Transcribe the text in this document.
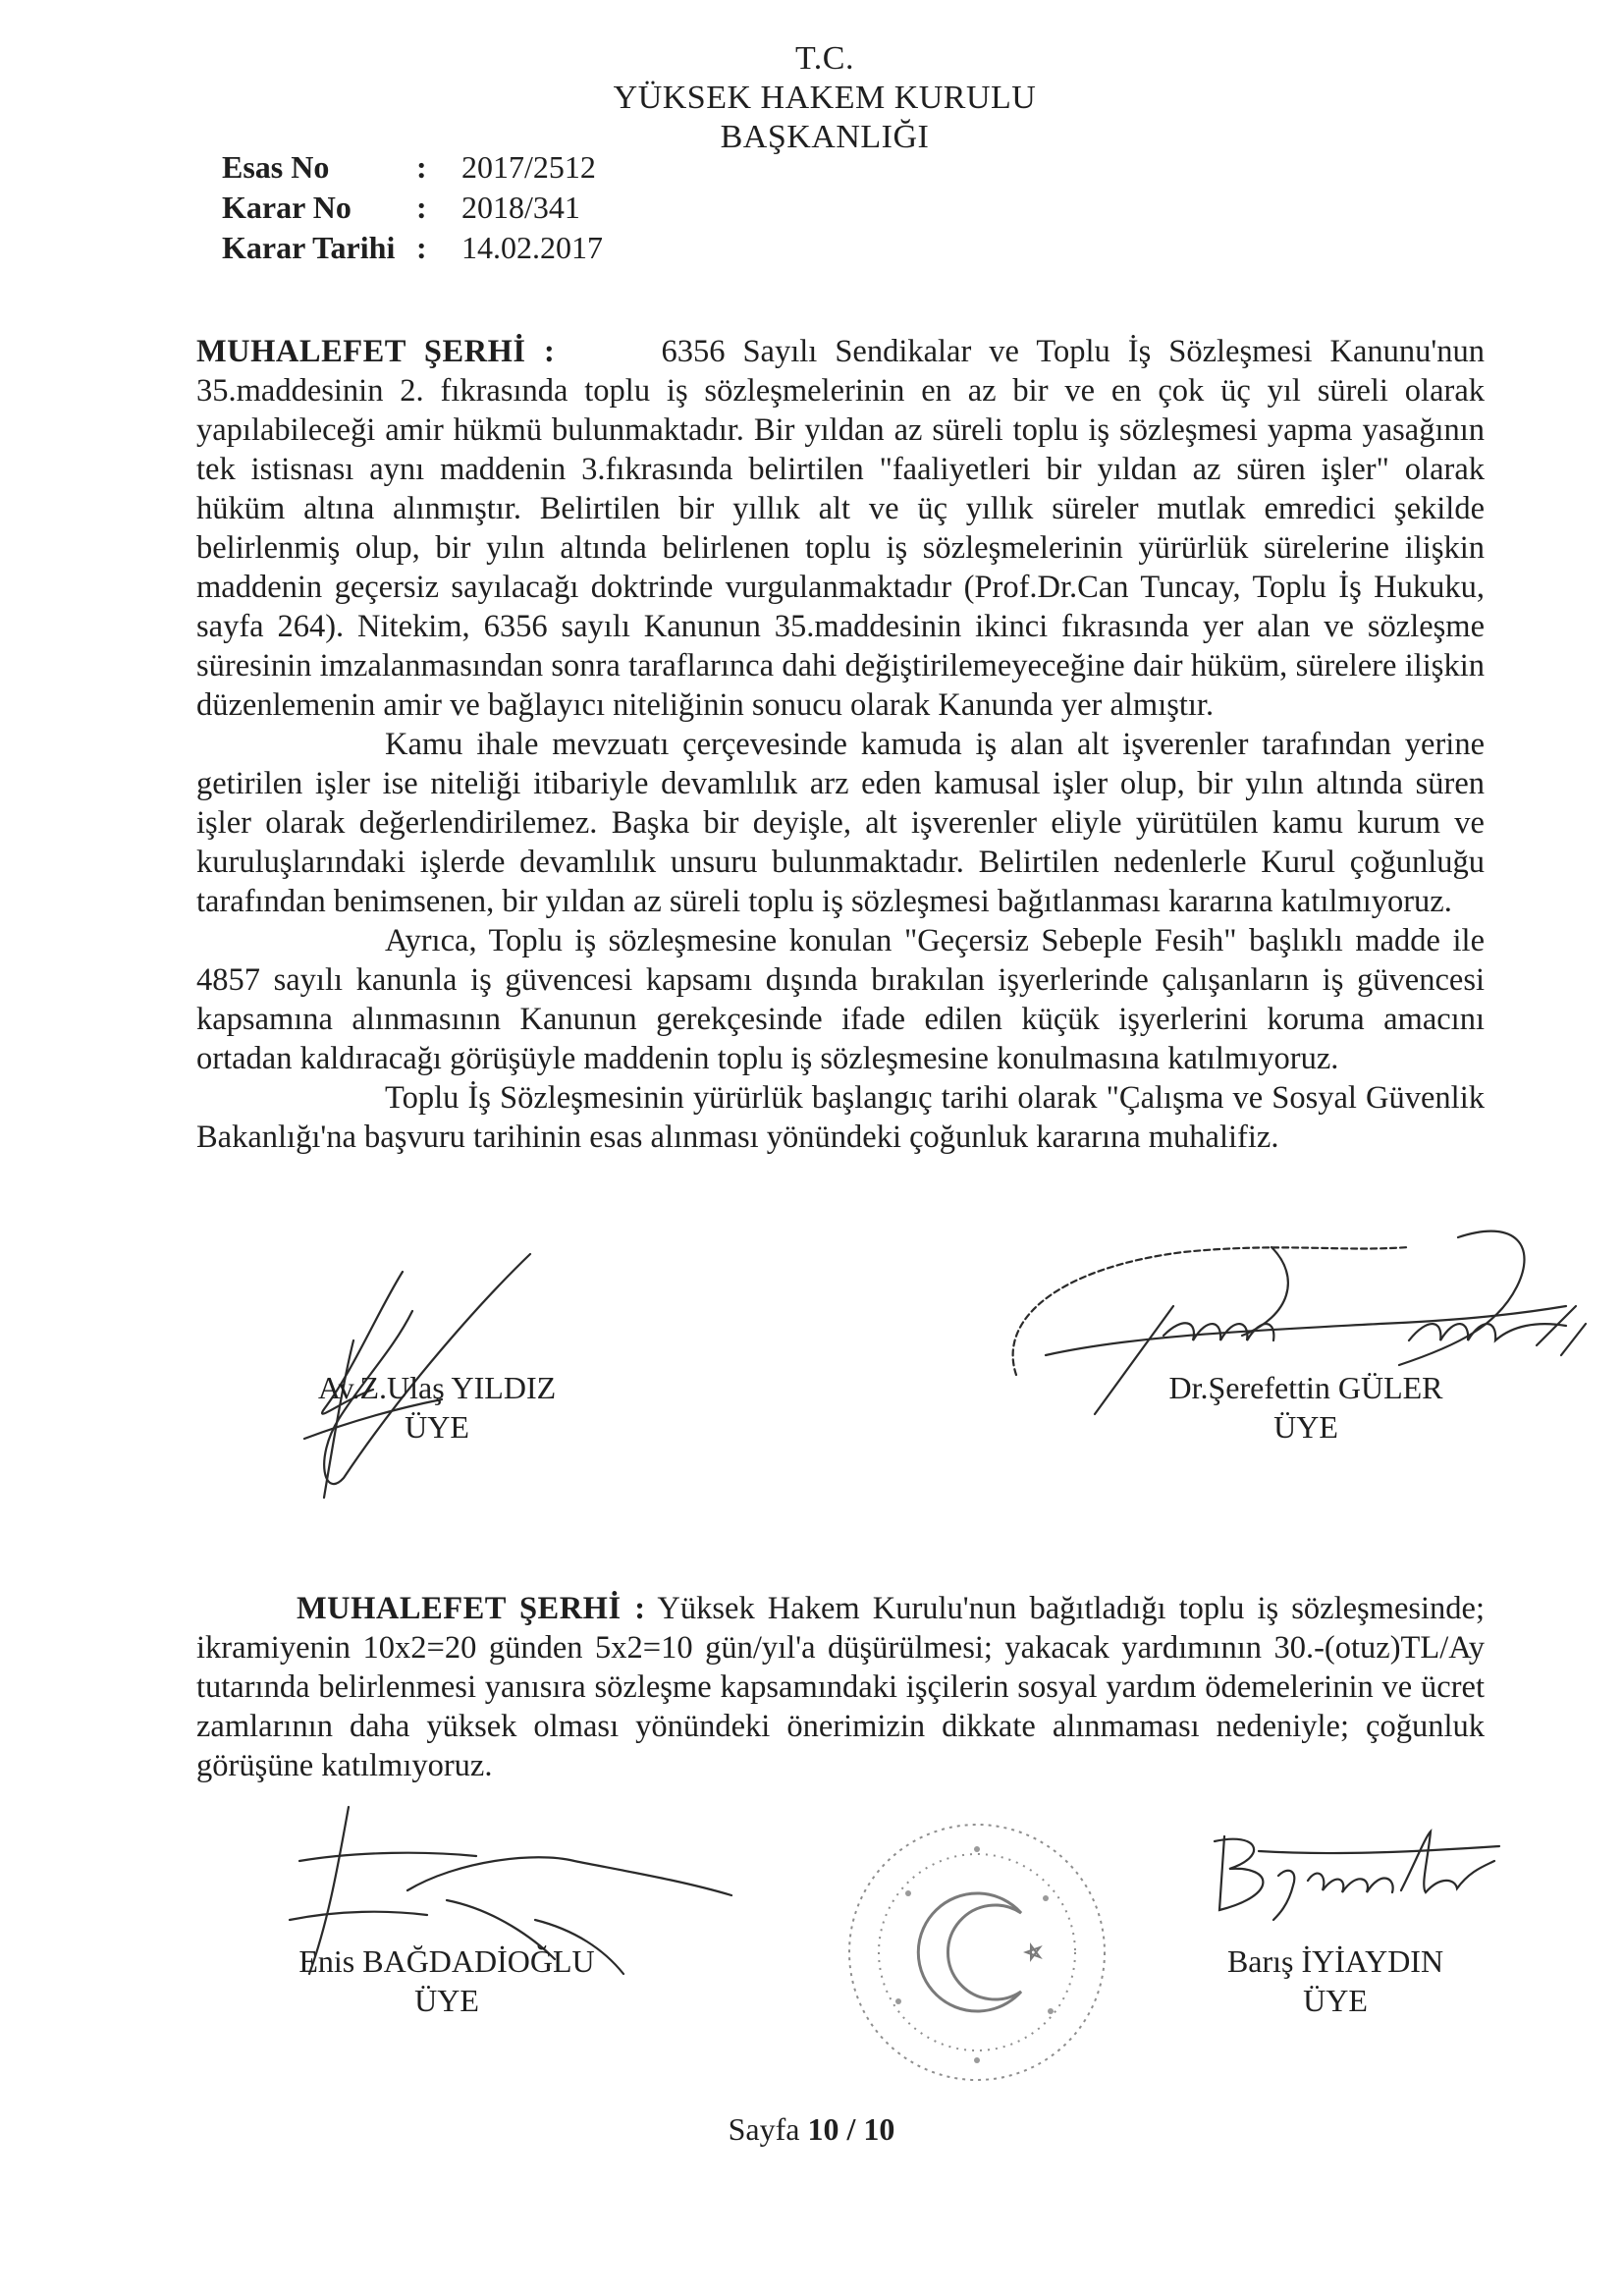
T.C.
YÜKSEK HAKEM KURULU
BAŞKANLIĞI
Esas No	:	2017/2512
Karar No	:	2018/341
Karar Tarihi :	14.02.2017

MUHALEFET ŞERHİ :	6356 Sayılı Sendikalar ve Toplu İş Sözleşmesi Kanunu'nun 35.maddesinin 2. fıkrasında toplu iş sözleşmelerinin en az bir ve en çok üç yıl süreli olarak yapılabileceği amir hükmü bulunmaktadır. Bir yıldan az süreli toplu iş sözleşmesi yapma yasağının tek istisnası aynı maddenin 3.fıkrasında belirtilen "faaliyetleri bir yıldan az süren işler" olarak hüküm altına alınmıştır. Belirtilen bir yıllık alt ve üç yıllık süreler mutlak emredici şekilde belirlenmiş olup, bir yılın altında belirlenen toplu iş sözleşmelerinin yürürlük sürelerine ilişkin maddenin geçersiz sayılacağı doktrinde vurgulanmaktadır (Prof.Dr.Can Tuncay, Toplu İş Hukuku, sayfa 264). Nitekim, 6356 sayılı Kanunun 35.maddesinin ikinci fıkrasında yer alan ve sözleşme süresinin imzalanmasından sonra taraflarınca dahi değiştirilemeyeceğine dair hüküm, sürelere ilişkin düzenlemenin amir ve bağlayıcı niteliğinin sonucu olarak Kanunda yer almıştır.

Kamu ihale mevzuatı çerçevesinde kamuda iş alan alt işverenler tarafından yerine getirilen işler ise niteliği itibariyle devamlılık arz eden kamusal işler olup, bir yılın altında süren işler olarak değerlendirilemez. Başka bir deyişle, alt işverenler eliyle yürütülen kamu kurum ve kuruluşlarındaki işlerde devamlılık unsuru bulunmaktadır. Belirtilen nedenlerle Kurul çoğunluğu tarafından benimsenen, bir yıldan az süreli toplu iş sözleşmesi bağıtlanması kararına katılmıyoruz.

Ayrıca, Toplu iş sözleşmesine konulan "Geçersiz Sebeple Fesih" başlıklı madde ile 4857 sayılı kanunla iş güvencesi kapsamı dışında bırakılan işyerlerinde çalışanların iş güvencesi kapsamına alınmasının Kanunun gerekçesinde ifade edilen küçük işyerlerini koruma amacını ortadan kaldıracağı görüşüyle maddenin toplu iş sözleşmesine konulmasına katılmıyoruz.

Toplu İş Sözleşmesinin yürürlük başlangıç tarihi olarak "Çalışma ve Sosyal Güvenlik Bakanlığı'na başvuru tarihinin esas alınması yönündeki çoğunluk kararına muhalifiz.

Av.Z.Ulaş YILDIZ
ÜYE
Dr.Şerefettin GÜLER
ÜYE

MUHALEFET ŞERHİ : Yüksek Hakem Kurulu'nun bağıtladığı toplu iş sözleşmesinde; ikramiyenin 10x2=20 günden 5x2=10 gün/yıl'a düşürülmesi; yakacak yardımının 30.-(otuz)TL/Ay tutarında belirlenmesi yanısıra sözleşme kapsamındaki işçilerin sosyal yardım ödemelerinin ve ücret zamlarının daha yüksek olması yönündeki önerimizin dikkate alınmaması nedeniyle; çoğunluk görüşüne katılmıyoruz.

Enis BAĞDADİOĞLU
ÜYE
Barış İYİAYDIN
ÜYE
Sayfa 10 / 10
